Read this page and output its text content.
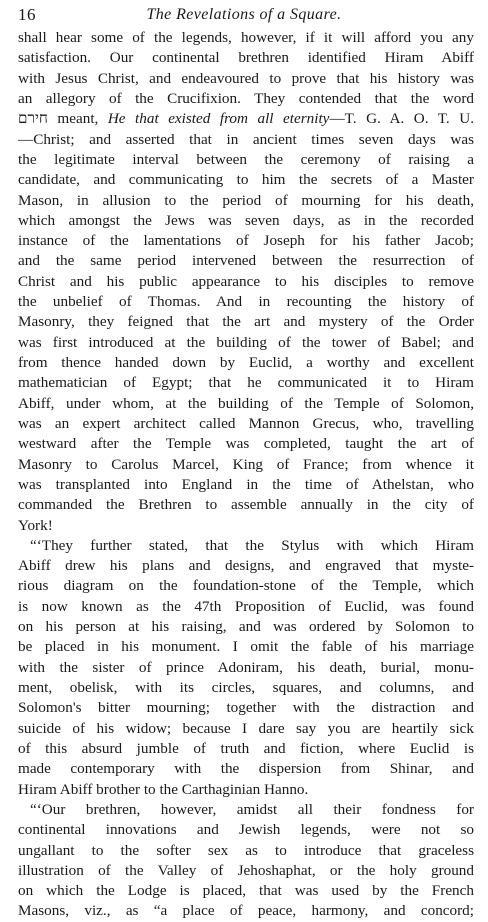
16	The Revelations of a Square.
shall hear some of the legends, however, if it will afford you any
satisfaction. Our continental brethren identified Hiram Abiff
with Jesus Christ, and endeavoured to prove that his history was
an allegory of the Crucifixion. They contended that the word
חירם meant, He that existed from all eternity—T. G. A. O. T. U.
—Christ; and asserted that in ancient times seven days was
the legitimate interval between the ceremony of raising a
candidate, and communicating to him the secrets of a Master
Mason, in allusion to the period of mourning for his death,
which amongst the Jews was seven days, as in the recorded
instance of the lamentations of Joseph for his father Jacob;
and the same period intervened between the resurrection of
Christ and his public appearance to his disciples to remove
the unbelief of Thomas. And in recounting the history of
Masonry, they feigned that the art and mystery of the Order
was first introduced at the building of the tower of Babel; and
from thence handed down by Euclid, a worthy and excellent
mathematician of Egypt; that he communicated it to Hiram
Abiff, under whom, at the building of the Temple of Solomon,
was an expert architect called Mannon Grecus, who, travelling
westward after the Temple was completed, taught the art of
Masonry to Carolus Marcel, King of France; from whence it
was transplanted into England in the time of Athelstan, who
commanded the Brethren to assemble annually in the city of
York!
“‘They further stated, that the Stylus with which Hiram
Abiff drew his plans and designs, and engraved that myste-
rious diagram on the foundation-stone of the Temple, which
is now known as the 47th Proposition of Euclid, was found
on his person at his raising, and was ordered by Solomon to
be placed in his monument. I omit the fable of his marriage
with the sister of prince Adoniram, his death, burial, monu-
ment, obelisk, with its circles, squares, and columns, and
Solomon's bitter mourning; together with the distraction and
suicide of his widow; because I dare say you are heartily sick
of this absurd jumble of truth and fiction, where Euclid is
made contemporary with the dispersion from Shinar, and
Hiram Abiff brother to the Carthaginian Hanno.
“‘Our brethren, however, amidst all their fondness for
continental innovations and Jewish legends, were not so
ungallant to the softer sex as to introduce that graceless
illustration of the Valley of Jehoshaphat, or the holy ground
on which the Lodge is placed, that was used by the French
Masons, viz., as “a place of peace, harmony, and concord;
